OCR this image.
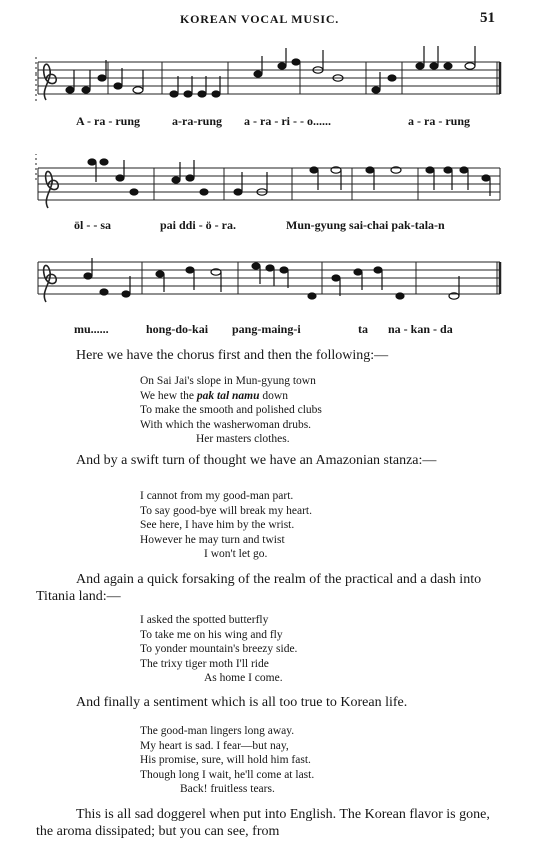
KOREAN VOCAL MUSIC.	51
A - ra - rung	a-ra-rung a - ra - ri - - o......	a - ra - rung
öl - - sa	pai ddi - ö - ra.	Mun-gyung sai-chai pak-tala-n
mu......	hong-do-kai pang-maing-i	ta na - kan - da

Here we have the chorus first and then the following:—

On Sai Jai's slope in Mun-gyung town
We hew the pak tal namu down
To make the smooth and polished clubs
With which the washerwoman drubs.
Her masters clothes.

And by a swift turn of thought we have an Amazonian stanza:—

I cannot from my good-man part.
To say good-bye will break my heart.
See here, I have him by the wrist.
However he may turn and twist
I won't let go.

And again a quick forsaking of the realm of the practical and a dash into Titania land:—

I asked the spotted butterfly
To take me on his wing and fly
To yonder mountain's breezy side.
The trixy tiger moth I'll ride
As home I come.

And finally a sentiment which is all too true to Korean life.

The good-man lingers long away.
My heart is sad. I fear—but nay,
His promise, sure, will hold him fast.
Though long I wait, he'll come at last.
Back! fruitless tears.

This is all sad doggerel when put into English. The Korean flavor is gone, the aroma dissipated; but you can see, from
